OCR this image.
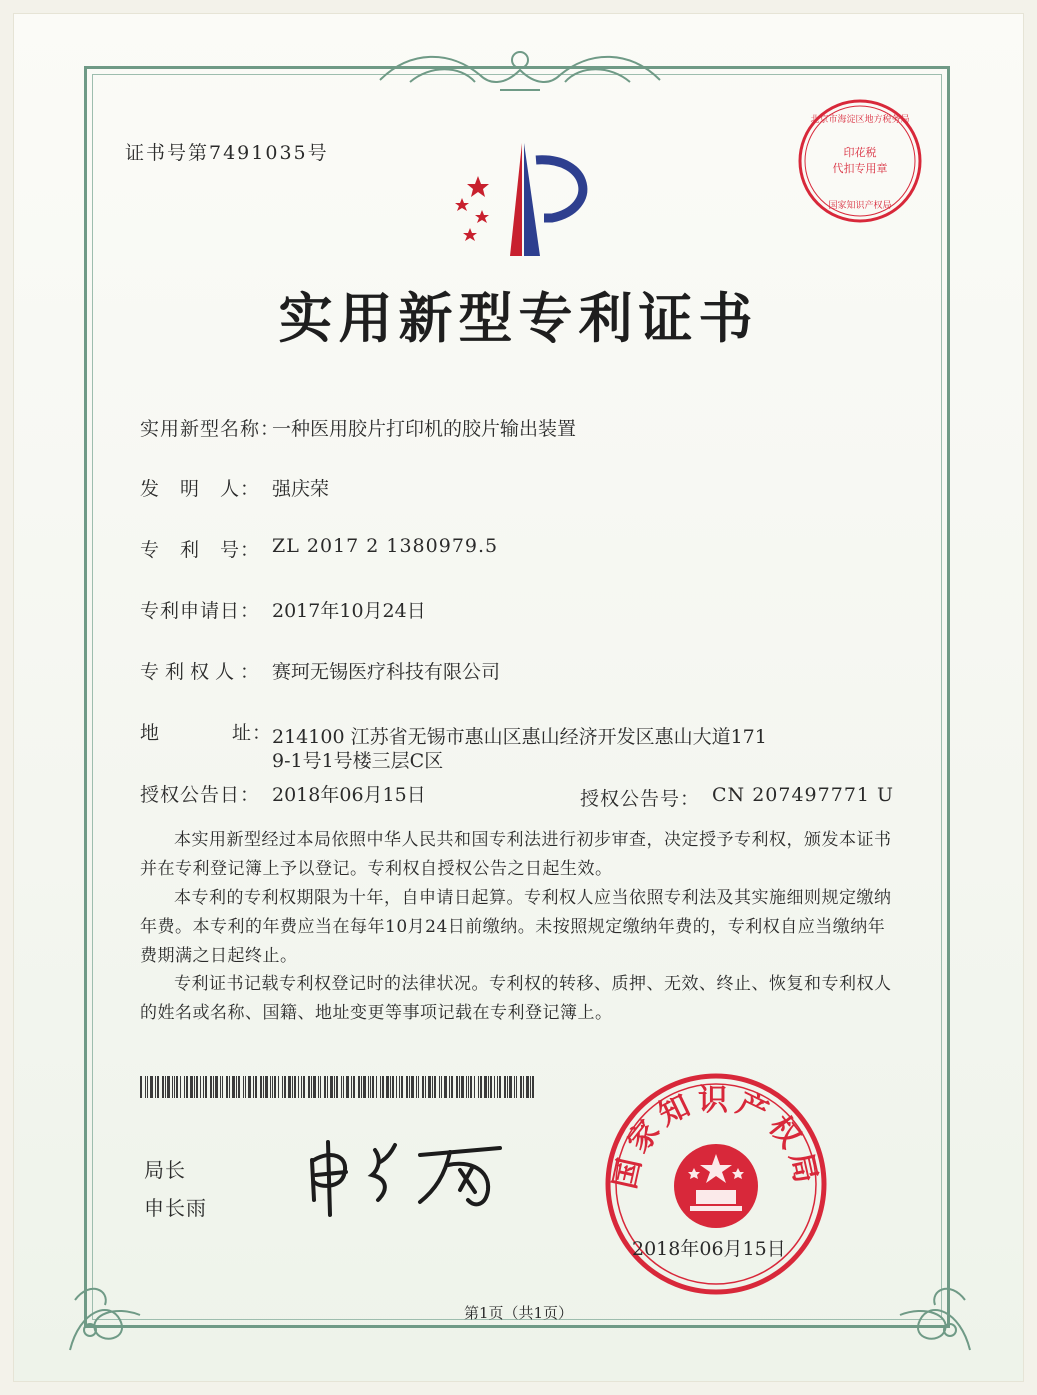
证书号第7491035号
北京市海淀区地方税务局
印花税
代扣专用章
国家知识产权局
实用新型专利证书
实用新型名称：
一种医用胶片打印机的胶片输出装置
发　明　人： 强庆荣
专　利　号： ZL 2017 2 1380979.5
专利申请日： 2017年10月24日
专利权人： 赛珂无锡医疗科技有限公司
地	址： 214100 江苏省无锡市惠山区惠山经济开发区惠山大道171
9-1号1号楼三层C区
授权公告日： 2018年06月15日	授权公告号： CN 207497771 U
本实用新型经过本局依照中华人民共和国专利法进行初步审查，决定授予专利权，颁发本证书并在专利登记簿上予以登记。专利权自授权公告之日起生效。
本专利的专利权期限为十年，自申请日起算。专利权人应当依照专利法及其实施细则规定缴纳年费。本专利的年费应当在每年10月24日前缴纳。未按照规定缴纳年费的，专利权自应当缴纳年费期满之日起终止。
专利证书记载专利权登记时的法律状况。专利权的转移、质押、无效、终止、恢复和专利权人的姓名或名称、国籍、地址变更等事项记载在专利登记簿上。
局长
申长雨
国家知识产权局
2018年06月15日
第1页（共1页）
